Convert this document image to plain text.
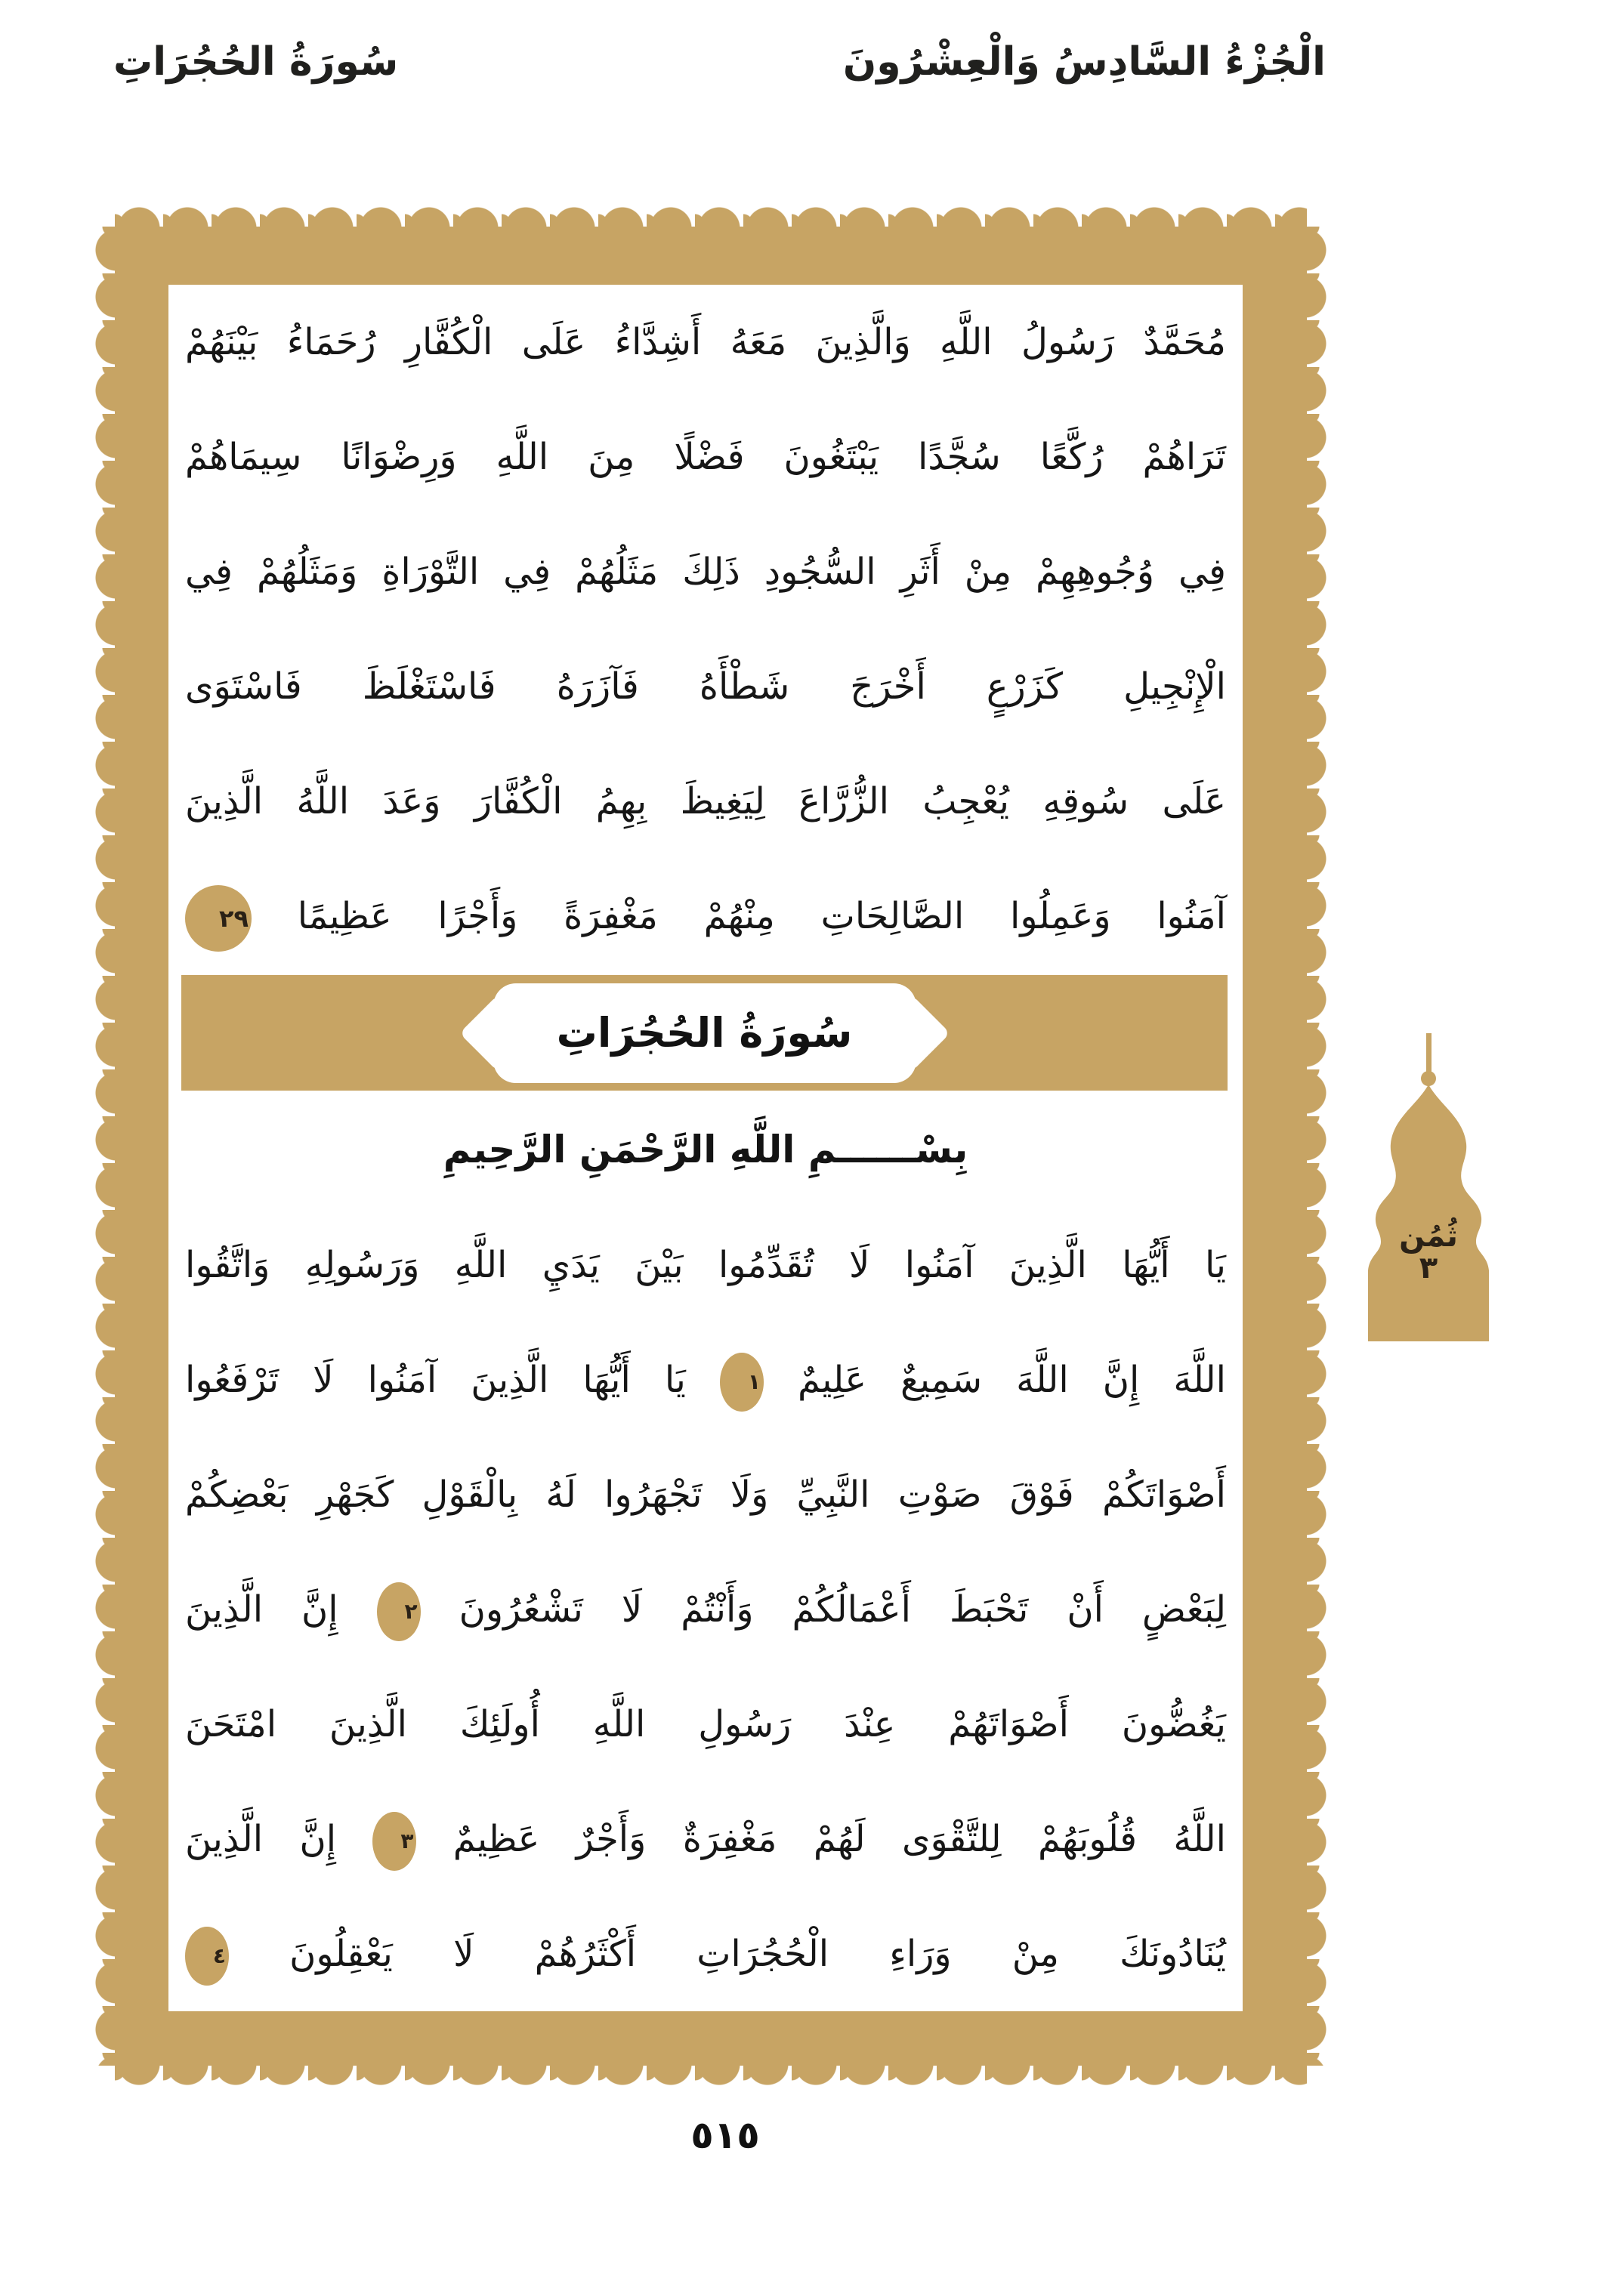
سُورَةُ الحُجُرَاتِ	الْجُزْءُ السَّادِسُ وَالْعِشْرُونَ
مُحَمَّدٌ رَسُولُ اللَّهِ وَالَّذِينَ مَعَهُ أَشِدَّاءُ عَلَى الْكُفَّارِ رُحَمَاءُ بَيْنَهُمْ
تَرَاهُمْ رُكَّعًا سُجَّدًا يَبْتَغُونَ فَضْلًا مِنَ اللَّهِ وَرِضْوَانًا سِيمَاهُمْ
فِي وُجُوهِهِمْ مِنْ أَثَرِ السُّجُودِ ذَلِكَ مَثَلُهُمْ فِي التَّوْرَاةِ وَمَثَلُهُمْ فِي
الْإِنْجِيلِ كَزَرْعٍ أَخْرَجَ شَطْأَهُ فَآزَرَهُ فَاسْتَغْلَظَ فَاسْتَوَى
عَلَى سُوقِهِ يُعْجِبُ الزُّرَّاعَ لِيَغِيظَ بِهِمُ الْكُفَّارَ وَعَدَ اللَّهُ الَّذِينَ
آمَنُوا وَعَمِلُوا الصَّالِحَاتِ مِنْهُمْ مَغْفِرَةً وَأَجْرًا عَظِيمًا ٢٩
سُورَةُ الحُجُرَاتِ
بِسْــــــمِ اللَّهِ الرَّحْمَنِ الرَّحِيمِ
يَا أَيُّهَا الَّذِينَ آمَنُوا لَا تُقَدِّمُوا بَيْنَ يَدَيِ اللَّهِ وَرَسُولِهِ وَاتَّقُوا
اللَّهَ إِنَّ اللَّهَ سَمِيعٌ عَلِيمٌ ١ يَا أَيُّهَا الَّذِينَ آمَنُوا لَا تَرْفَعُوا
أَصْوَاتَكُمْ فَوْقَ صَوْتِ النَّبِيِّ وَلَا تَجْهَرُوا لَهُ بِالْقَوْلِ كَجَهْرِ بَعْضِكُمْ
لِبَعْضٍ أَنْ تَحْبَطَ أَعْمَالُكُمْ وَأَنْتُمْ لَا تَشْعُرُونَ ٢ إِنَّ الَّذِينَ
يَغُضُّونَ أَصْوَاتَهُمْ عِنْدَ رَسُولِ اللَّهِ أُولَئِكَ الَّذِينَ امْتَحَنَ
اللَّهُ قُلُوبَهُمْ لِلتَّقْوَى لَهُمْ مَغْفِرَةٌ وَأَجْرٌ عَظِيمٌ ٣ إِنَّ الَّذِينَ
يُنَادُونَكَ مِنْ وَرَاءِ الْحُجُرَاتِ أَكْثَرُهُمْ لَا يَعْقِلُونَ ٤
ثُمُن
٣
٥١٥
